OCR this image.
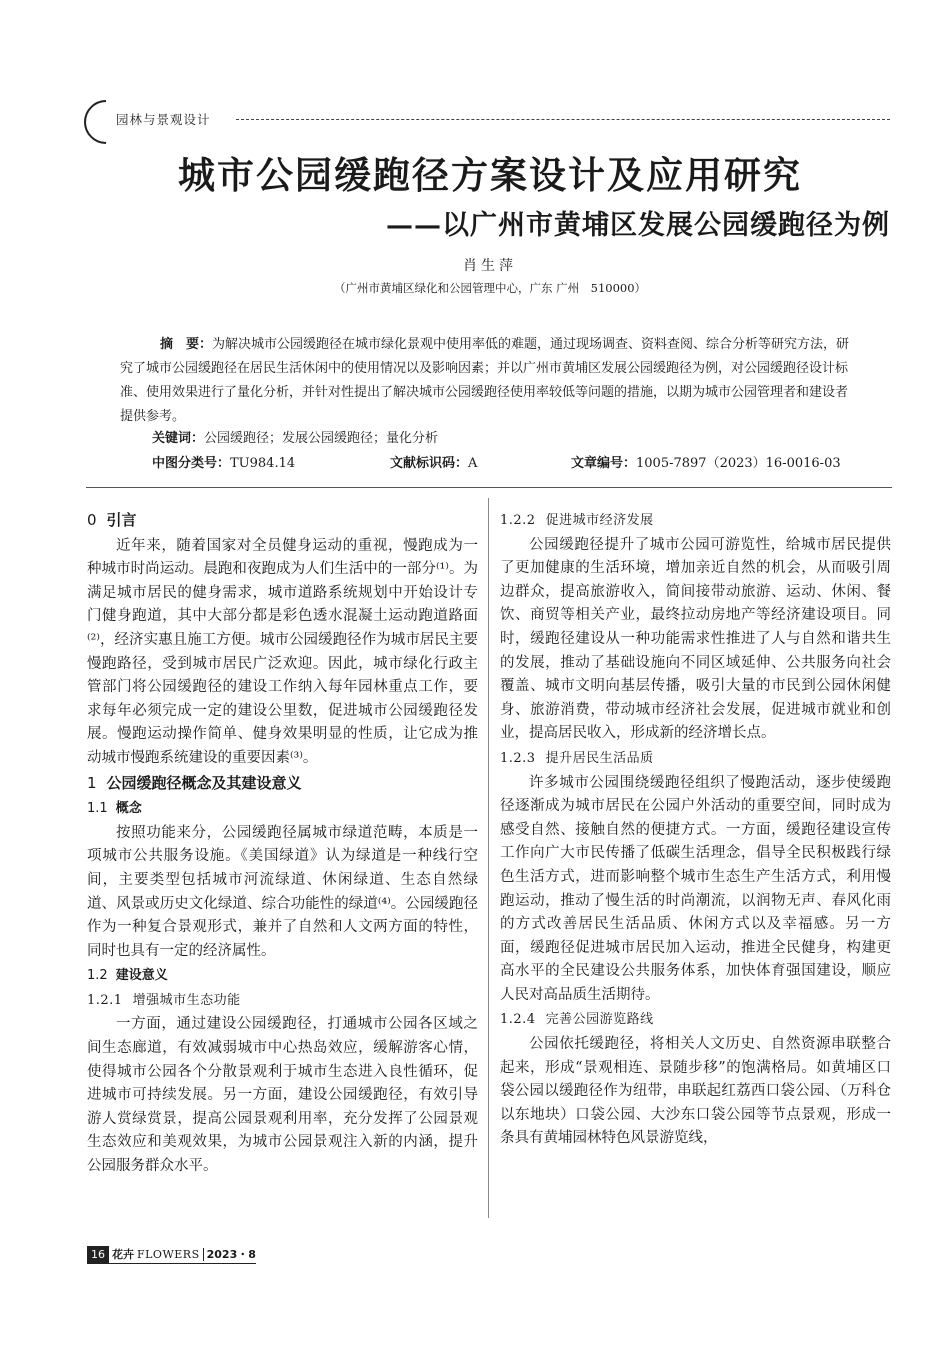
园林与景观设计
城市公园缓跑径方案设计及应用研究
——以广州市黄埔区发展公园缓跑径为例
肖生萍
（广州市黄埔区绿化和公园管理中心，广东 广州　510000）
摘　要：为解决城市公园缓跑径在城市绿化景观中使用率低的难题，通过现场调查、资料查阅、综合分析等研究方法，研究了城市公园缓跑径在居民生活休闲中的使用情况以及影响因素；并以广州市黄埔区发展公园缓跑径为例，对公园缓跑径设计标准、使用效果进行了量化分析，并针对性提出了解决城市公园缓跑径使用率较低等问题的措施，以期为城市公园管理者和建设者提供参考。
关键词：公园缓跑径；发展公园缓跑径；量化分析
中图分类号：TU984.14	文献标识码：A	文章编号：1005-7897（2023）16-0016-03
0 引言

近年来，随着国家对全员健身运动的重视，慢跑成为一种城市时尚运动。晨跑和夜跑成为人们生活中的一部分⁽¹⁾。为满足城市居民的健身需求，城市道路系统规划中开始设计专门健身跑道，其中大部分都是彩色透水混凝土运动跑道路面⁽²⁾，经济实惠且施工方便。城市公园缓跑径作为城市居民主要慢跑路径，受到城市居民广泛欢迎。因此，城市绿化行政主管部门将公园缓跑径的建设工作纳入每年园林重点工作，要求每年必须完成一定的建设公里数，促进城市公园缓跑径发展。慢跑运动操作简单、健身效果明显的性质，让它成为推动城市慢跑系统建设的重要因素⁽³⁾。

1 公园缓跑径概念及其建设意义
1.1 概念

按照功能来分，公园缓跑径属城市绿道范畴，本质是一项城市公共服务设施。《美国绿道》认为绿道是一种线行空间，主要类型包括城市河流绿道、休闲绿道、生态自然绿道、风景或历史文化绿道、综合功能性的绿道⁽⁴⁾。公园缓跑径作为一种复合景观形式，兼并了自然和人文两方面的特性，同时也具有一定的经济属性。

1.2 建设意义
1.2.1 增强城市生态功能

一方面，通过建设公园缓跑径，打通城市公园各区域之间生态廊道，有效减弱城市中心热岛效应，缓解游客心情，使得城市公园各个分散景观利于城市生态进入良性循环，促进城市可持续发展。另一方面，建设公园缓跑径，有效引导游人赏绿赏景，提高公园景观利用率，充分发挥了公园景观生态效应和美观效果，为城市公园景观注入新的内涵，提升公园服务群众水平。

1.2.2 促进城市经济发展

公园缓跑径提升了城市公园可游览性，给城市居民提供了更加健康的生活环境，增加亲近自然的机会，从而吸引周边群众，提高旅游收入，简间接带动旅游、运动、休闲、餐饮、商贸等相关产业，最终拉动房地产等经济建设项目。同时，缓跑径建设从一种功能需求性推进了人与自然和谐共生的发展，推动了基础设施向不同区域延伸、公共服务向社会覆盖、城市文明向基层传播，吸引大量的市民到公园休闲健身、旅游消费，带动城市经济社会发展，促进城市就业和创业，提高居民收入，形成新的经济增长点。

1.2.3 提升居民生活品质

许多城市公园围绕缓跑径组织了慢跑活动，逐步使缓跑径逐渐成为城市居民在公园户外活动的重要空间，同时成为感受自然、接触自然的便捷方式。一方面，缓跑径建设宣传工作向广大市民传播了低碳生活理念，倡导全民积极践行绿色生活方式，进而影响整个城市生态生产生活方式，利用慢跑运动，推动了慢生活的时尚潮流，以润物无声、春风化雨的方式改善居民生活品质、休闲方式以及幸福感。另一方面，缓跑径促进城市居民加入运动，推进全民健身，构建更高水平的全民建设公共服务体系，加快体育强国建设，顺应人民对高品质生活期待。

1.2.4 完善公园游览路线

公园依托缓跑径，将相关人文历史、自然资源串联整合起来，形成“景观相连、景随步移”的饱满格局。如黄埔区口袋公园以缓跑径作为纽带，串联起红荔西口袋公园、（万科仓以东地块）口袋公园、大沙东口袋公园等节点景观，形成一条具有黄埔园林特色风景游览线，

16 花卉 FLOWERS 2023・8
